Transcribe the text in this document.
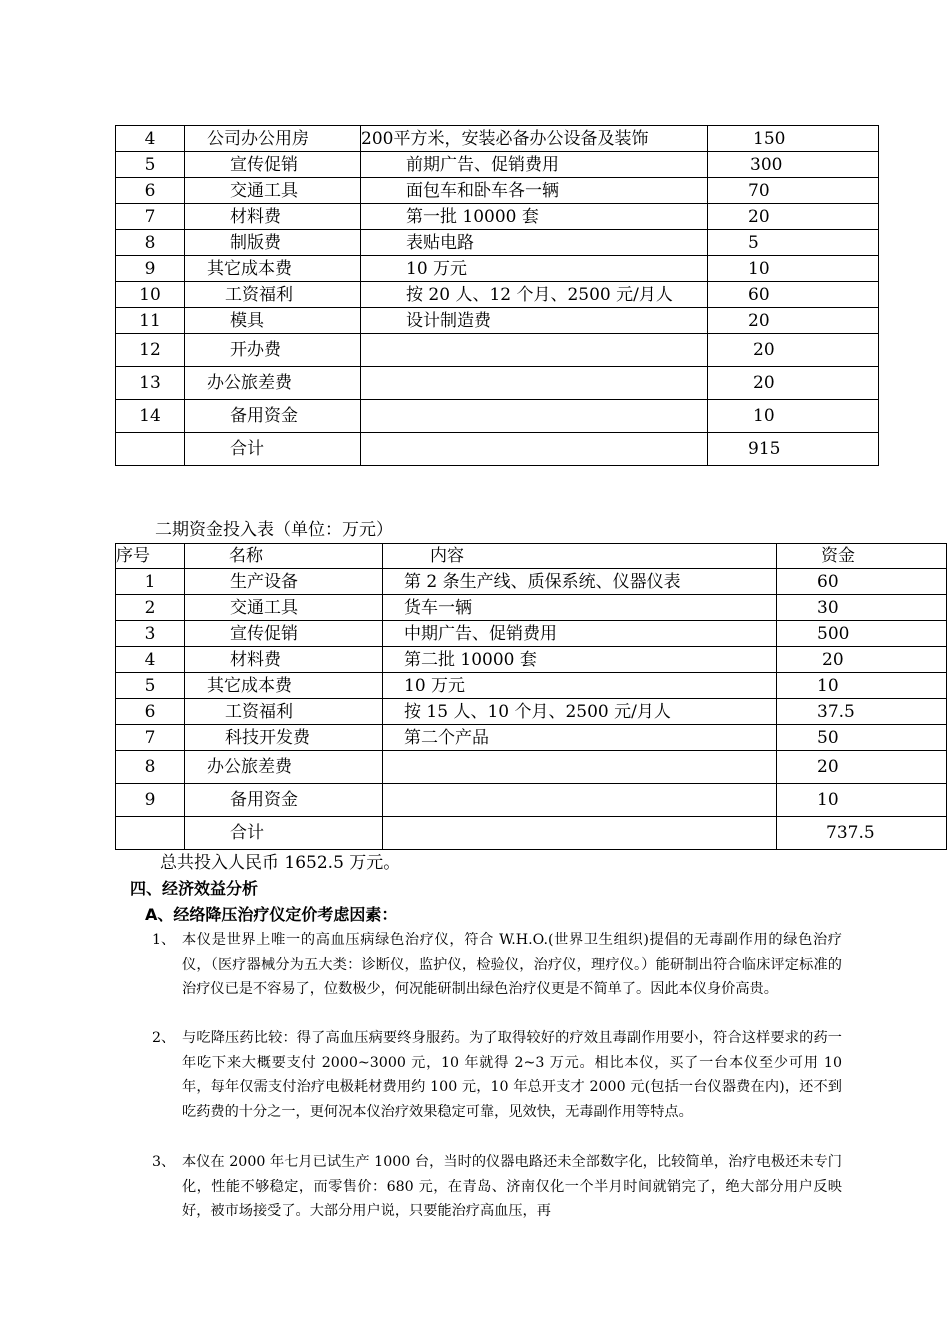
4	公司办公用房	200平方米，安装必备办公设备及装饰	150
5	宣传促销	前期广告、促销费用	300
6	交通工具	面包车和卧车各一辆	70
7	材料费	第一批 10000 套	20
8	制版费	表贴电路	5
9	其它成本费	10 万元	10
10	工资福利	按 20 人、12 个月、2500 元/月人	60
11	模具	设计制造费	20
12	开办费		20
13	办公旅差费		20
14	备用资金		10
	合计		915
二期资金投入表（单位：万元）
序号	名称	内容	资金
1	生产设备	第 2 条生产线、质保系统、仪器仪表	60
2	交通工具	货车一辆	30
3	宣传促销	中期广告、促销费用	500
4	材料费	第二批 10000 套	20
5	其它成本费	10 万元	10
6	工资福利	按 15 人、10 个月、2500 元/月人	37.5
7	科技开发费	第二个产品	50
8	办公旅差费		20
9	备用资金		10
	合计		737.5
总共投入人民币 1652.5 万元。
四、经济效益分析
A、经络降压治疗仪定价考虑因素：
1、 本仪是世界上唯一的高血压病绿色治疗仪，符合 W.H.O.(世界卫生组织)提倡的无毒副作用的绿色治疗仪，（医疗器械分为五大类：诊断仪，监护仪，检验仪，治疗仪，理疗仪。）能研制出符合临床评定标准的治疗仪已是不容易了，位数极少，何况能研制出绿色治疗仪更是不简单了。因此本仪身价高贵。
2、 与吃降压药比较：得了高血压病要终身服药。为了取得较好的疗效且毒副作用要小，符合这样要求的药一年吃下来大概要支付 2000~3000 元，10 年就得 2~3 万元。相比本仪，买了一台本仪至少可用 10 年，每年仅需支付治疗电极耗材费用约 100 元，10 年总开支才 2000 元(包括一台仪器费在内)，还不到吃药费的十分之一，更何况本仪治疗效果稳定可靠，见效快，无毒副作用等特点。
3、 本仪在 2000 年七月已试生产 1000 台，当时的仪器电路还未全部数字化，比较简单，治疗电极还未专门化，性能不够稳定，而零售价：680 元，在青岛、济南仅化一个半月时间就销完了，绝大部分用户反映好，被市场接受了。大部分用户说，只要能治疗高血压，再
